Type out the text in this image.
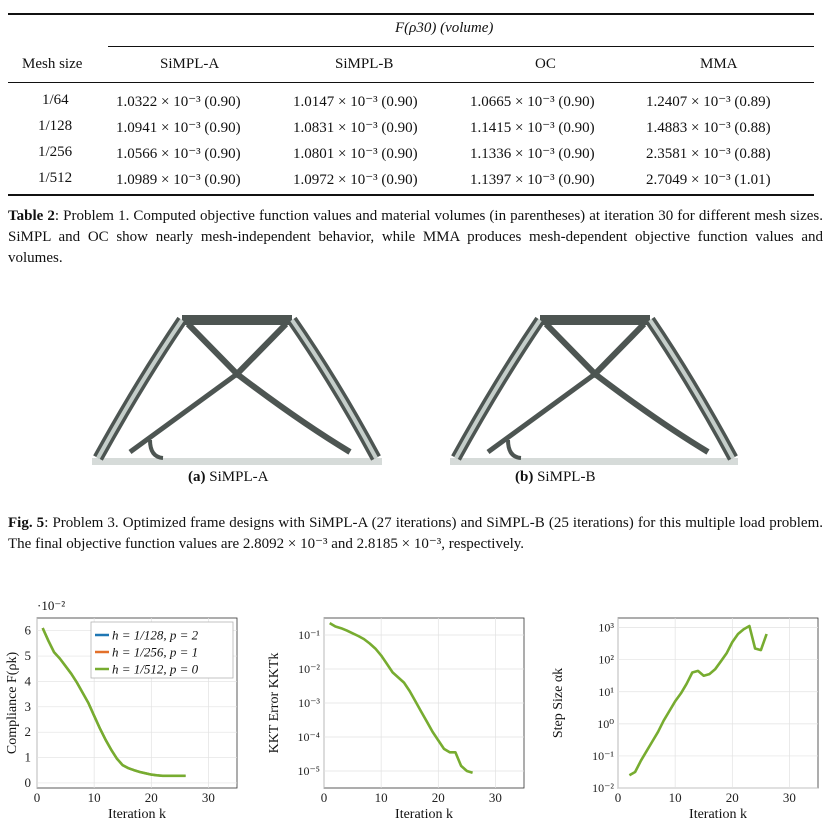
F(ρ30) (volume)
Mesh size	SiMPL-A	SiMPL-B	OC	MMA
1/64	1.0322 × 10⁻³ (0.90)	1.0147 × 10⁻³ (0.90)	1.0665 × 10⁻³ (0.90)	1.2407 × 10⁻³ (0.89)
1/128	1.0941 × 10⁻³ (0.90)	1.0831 × 10⁻³ (0.90)	1.1415 × 10⁻³ (0.90)	1.4883 × 10⁻³ (0.88)
1/256	1.0566 × 10⁻³ (0.90)	1.0801 × 10⁻³ (0.90)	1.1336 × 10⁻³ (0.90)	2.3581 × 10⁻³ (0.88)
1/512	1.0989 × 10⁻³ (0.90)	1.0972 × 10⁻³ (0.90)	1.1397 × 10⁻³ (0.90)	2.7049 × 10⁻³ (1.01)
Table 2: Problem 1. Computed objective function values and material volumes (in parentheses) at iteration 30 for different mesh sizes. SiMPL and OC show nearly mesh-independent behavior, while MMA produces mesh-dependent objective function values and volumes.
(a) SiMPL-A	(b) SiMPL-B
Fig. 5: Problem 3. Optimized frame designs with SiMPL-A (27 iterations) and SiMPL-B (25 iterations) for this multiple load problem. The final objective function values are 2.8092 × 10⁻³ and 2.8185 × 10⁻³, respectively.
0	10	20	30
0
1
2
3
4
5
6
Iteration k
Compliance F(ρk)
·10⁻²
h = 1/128, p = 2
h = 1/256, p = 1
h = 1/512, p = 0
0	10	20	30
10⁻¹
10⁻²
10⁻³
10⁻⁴
10⁻⁵
Iteration k
KKT Error KKTk
0	10	20	30
10³
10²
10¹
10⁰
10⁻¹
10⁻²
Iteration k
Step Size αk
